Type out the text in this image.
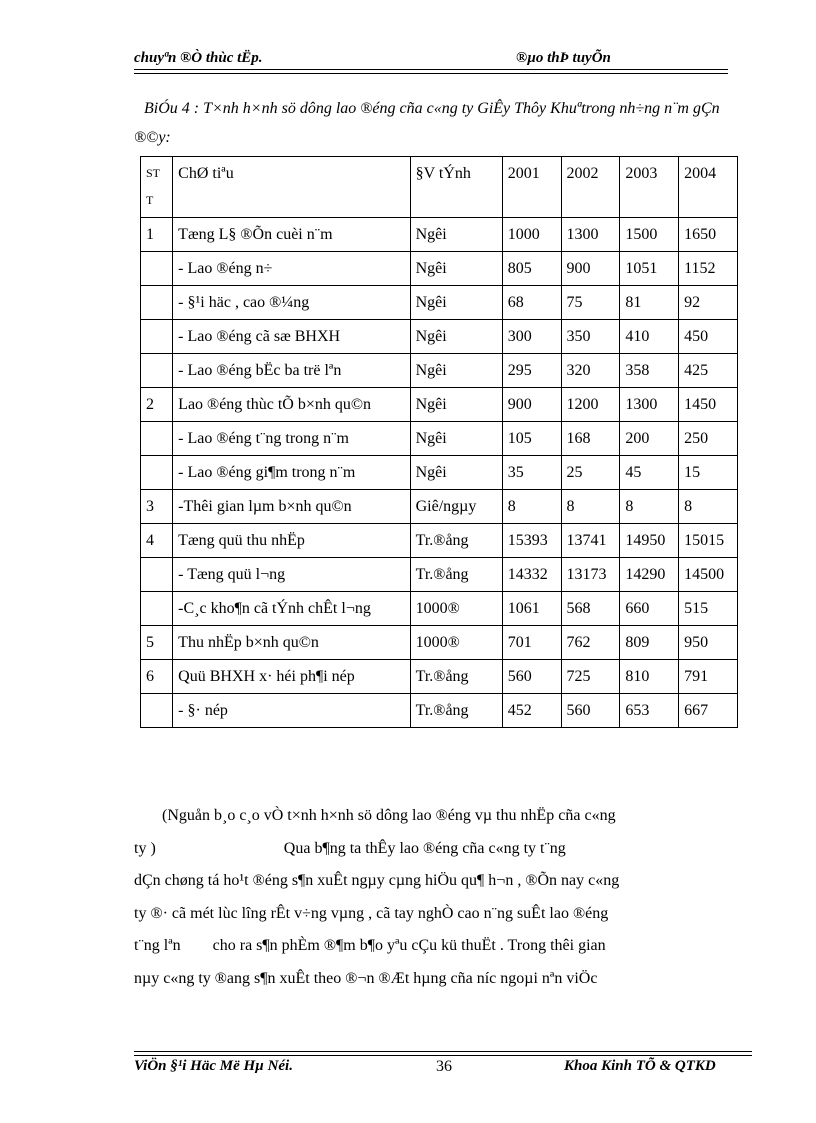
chuyªn ®Ò thùc tËp.	®µo thÞ tuyÕn
BiÓu 4 : T×nh h×nh sö dông lao ®éng cña c«ng ty GiÊy Thôy Khuªtrong nh÷ng n¨m gÇn ®©y:
ST T	ChØ tiªu	§V tÝnh	2001	2002	2003	2004
1	Tæng L§ ®Õn cuèi n¨m	Ngêi	1000	1300	1500	1650
	- Lao ®éng n÷	Ngêi	805	900	1051	1152
	- §¹i häc , cao ®¼ng	Ngêi	68	75	81	92
	- Lao ®éng cã sæ BHXH	Ngêi	300	350	410	450
	- Lao ®éng bËc ba trë lªn	Ngêi	295	320	358	425
2	Lao ®éng thùc tÕ b×nh qu©n	Ngêi	900	1200	1300	1450
	- Lao ®éng t¨ng trong n¨m	Ngêi	105	168	200	250
	- Lao ®éng gi¶m trong n¨m	Ngêi	35	25	45	15
3	-Thêi gian lµm b×nh qu©n	Giê/ngµy	8	8	8	8
4	Tæng quü thu nhËp	Tr.®ång	15393	13741	14950	15015
	- Tæng quü l¬ng	Tr.®ång	14332	13173	14290	14500
	-C¸c kho¶n cã tÝnh chÊt l¬ng	1000®	1061	568	660	515
5	Thu nhËp b×nh qu©n	1000®	701	762	809	950
6	Quü BHXH x· héi ph¶i nép	Tr.®ång	560	725	810	791
	- §· nép	Tr.®ång	452	560	653	667

(Nguån b¸o c¸o vÒ t×nh h×nh sö dông lao ®éng vµ thu nhËp cña c«ng

ty )	Qua b¶ng ta thÊy lao ®éng cña c«ng ty t¨ng

dÇn chøng tá ho¹t ®éng s¶n xuÊt ngµy cµng hiÖu qu¶ h¬n , ®Õn nay c«ng

ty ®· cã mét lùc lîng rÊt v÷ng vµng , cã tay nghÒ cao n¨ng suÊt lao ®éng

t¨ng lªn cho ra s¶n phÈm ®¶m b¶o yªu cÇu kü thuËt . Trong thêi gian

nµy c«ng ty ®ang s¶n xuÊt theo ®¬n ®Æt hµng cña níc ngoµi nªn viÖc

ViÖn §¹i Häc Më Hµ Néi.	36	Khoa Kinh TÕ & QTKD
